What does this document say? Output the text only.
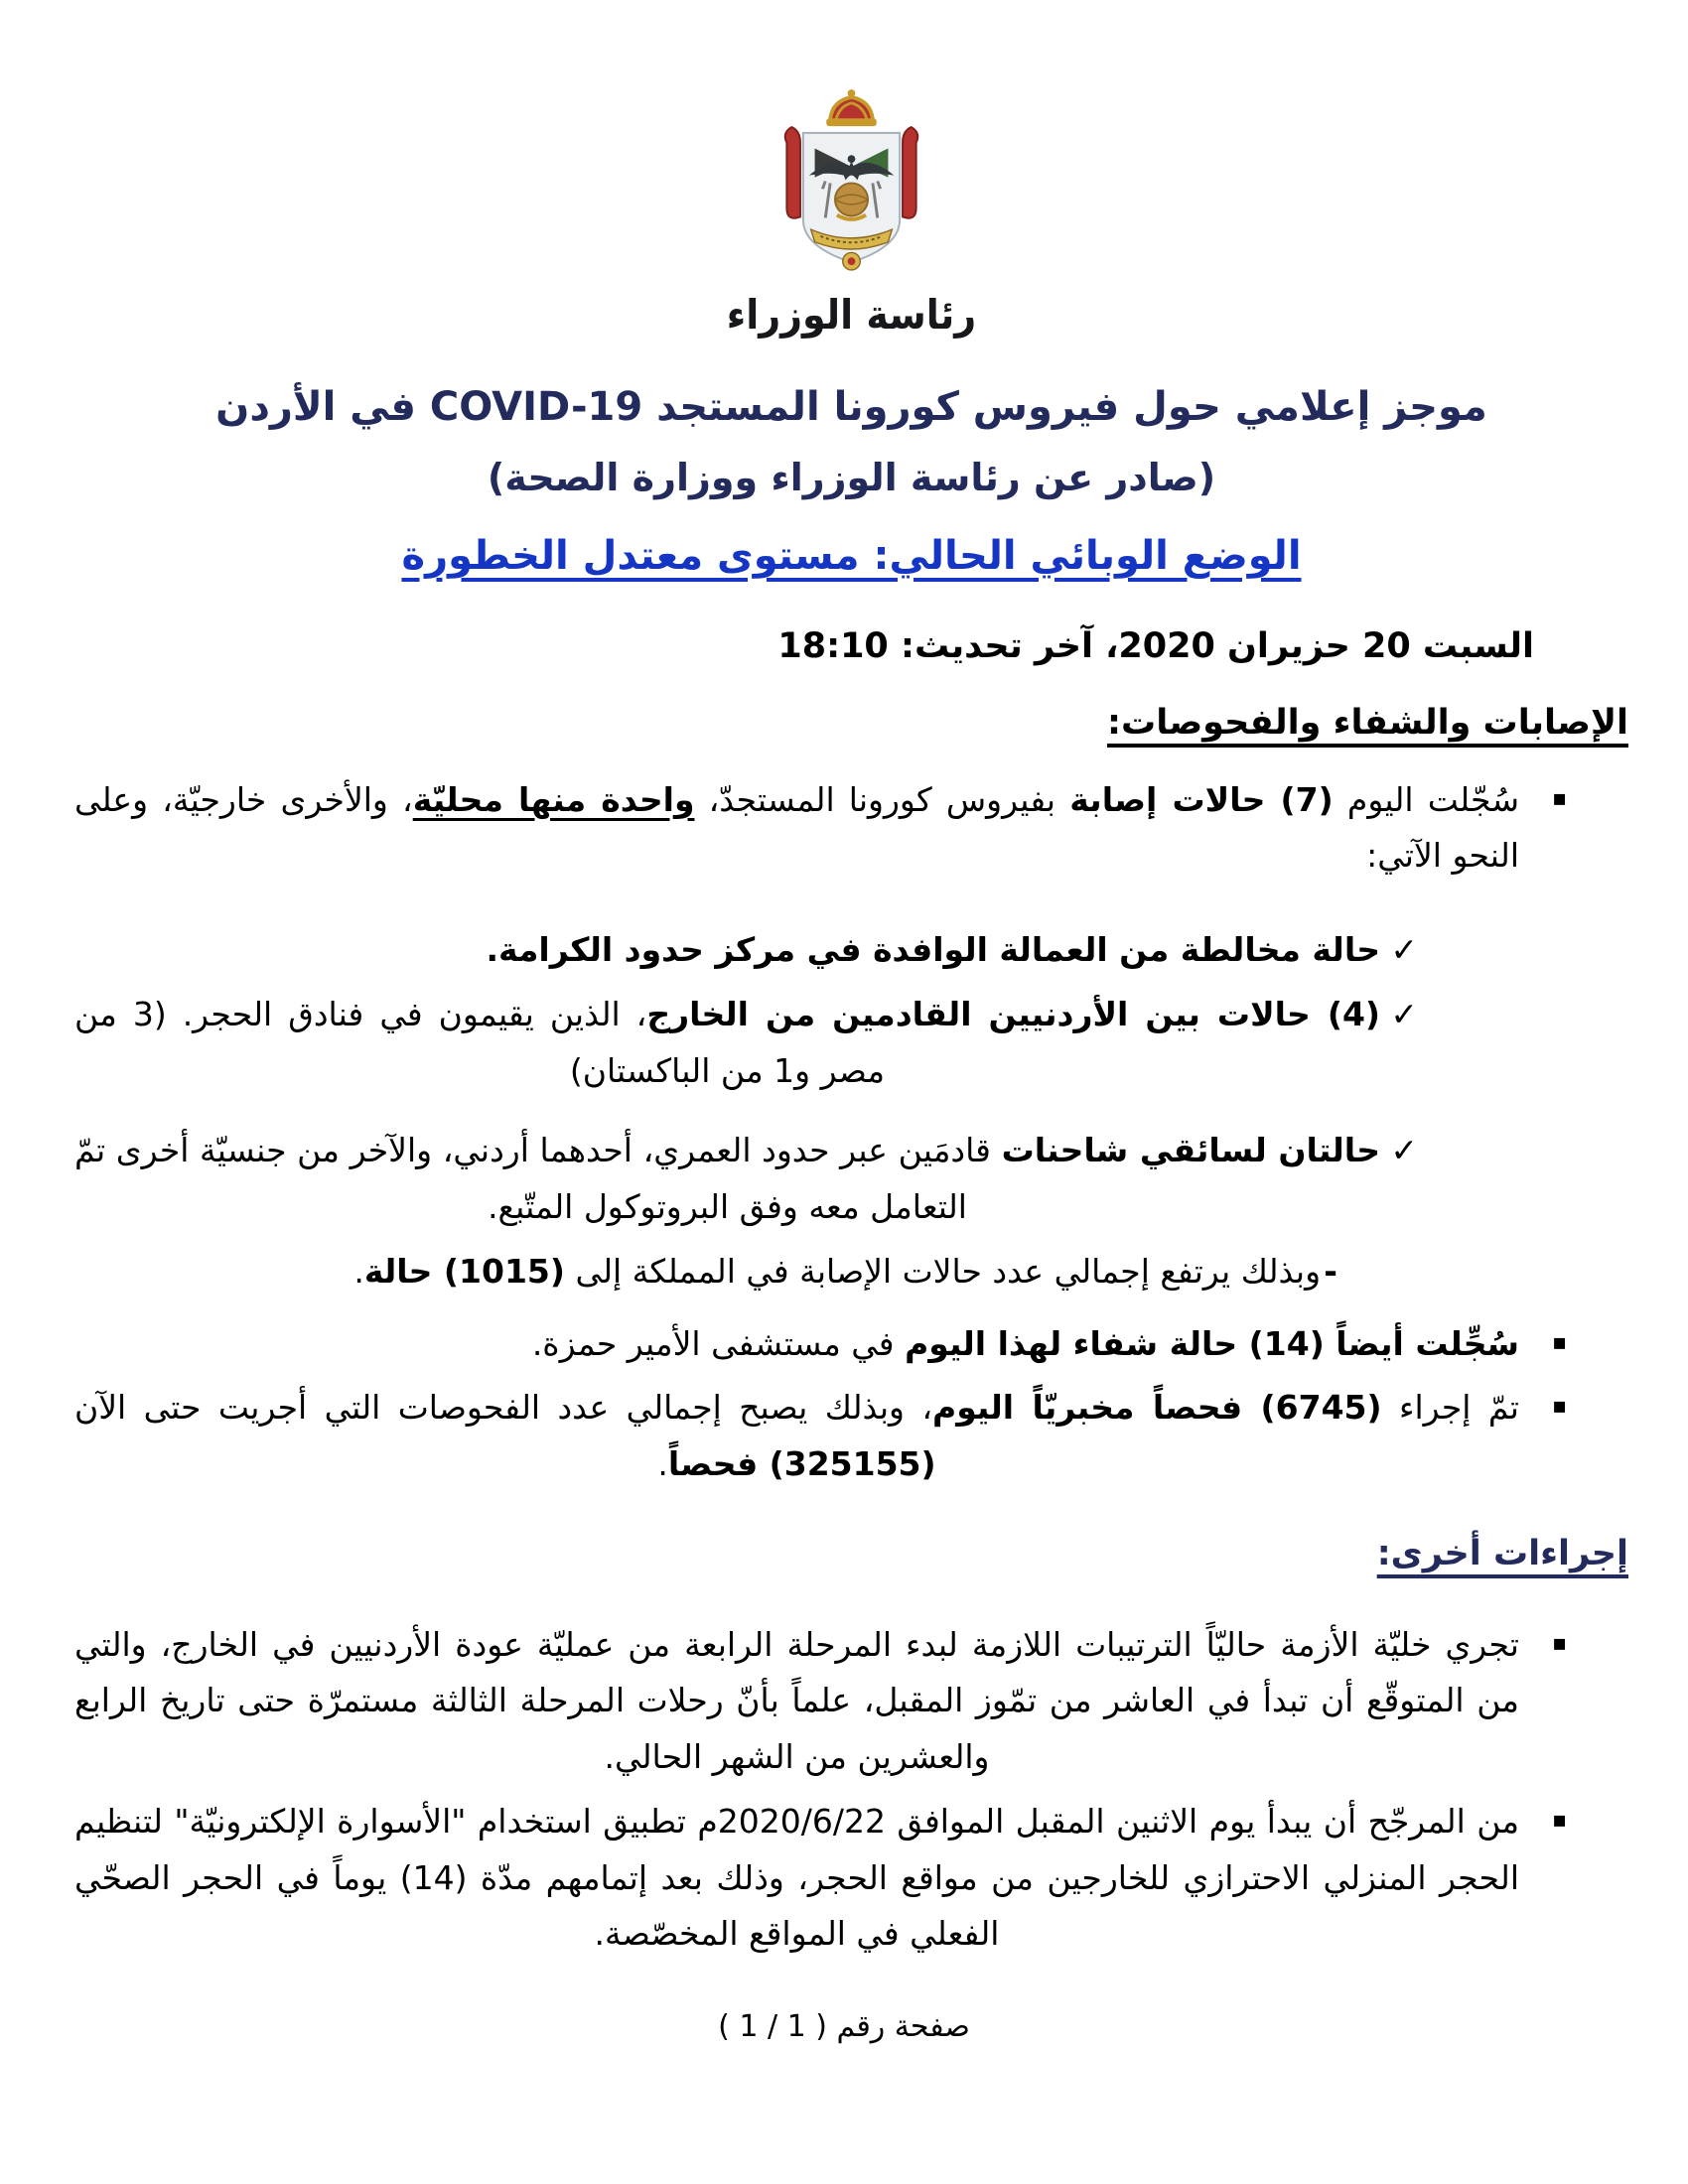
رئاسة الوزراء
موجز إعلامي حول فيروس كورونا المستجد COVID-19 في الأردن
(صادر عن رئاسة الوزراء ووزارة الصحة)
الوضع الوبائي الحالي: مستوى معتدل الخطورة
السبت 20 حزيران 2020، آخر تحديث: 18:10
الإصابات والشفاء والفحوصات:
▪

سُجّلت اليوم (7) حالات إصابة بفيروس كورونا المستجدّ، واحدة منها محليّة، والأخرى خارجيّة، وعلى النحو الآتي:

✓

حالة مخالطة من العمالة الوافدة في مركز حدود الكرامة.

✓

(4) حالات بين الأردنيين القادمين من الخارج، الذين يقيمون في فنادق الحجر. (3 من مصر و1 من الباكستان)

✓

حالتان لسائقي شاحنات قادمَين عبر حدود العمري، أحدهما أردني، والآخر من جنسيّة أخرى تمّ التعامل معه وفق البروتوكول المتّبع.

-

وبذلك يرتفع إجمالي عدد حالات الإصابة في المملكة إلى (1015) حالة.

▪

سُجِّلت أيضاً (14) حالة شفاء لهذا اليوم في مستشفى الأمير حمزة.

▪

تمّ إجراء (6745) فحصاً مخبريّاً اليوم، وبذلك يصبح إجمالي عدد الفحوصات التي أجريت حتى الآن (325155) فحصاً.

إجراءات أخرى:
▪

تجري خليّة الأزمة حاليّاً الترتيبات اللازمة لبدء المرحلة الرابعة من عمليّة عودة الأردنيين في الخارج، والتي من المتوقّع أن تبدأ في العاشر من تمّوز المقبل، علماً بأنّ رحلات المرحلة الثالثة مستمرّة حتى تاريخ الرابع والعشرين من الشهر الحالي.

▪

من المرجّح أن يبدأ يوم الاثنين المقبل الموافق 2020/6/22م تطبيق استخدام "الأسوارة الإلكترونيّة" لتنظيم الحجر المنزلي الاحترازي للخارجين من مواقع الحجر، وذلك بعد إتمامهم مدّة (14) يوماً في الحجر الصحّي الفعلي في المواقع المخصّصة.

صفحة رقم ( 1 / 1 )
